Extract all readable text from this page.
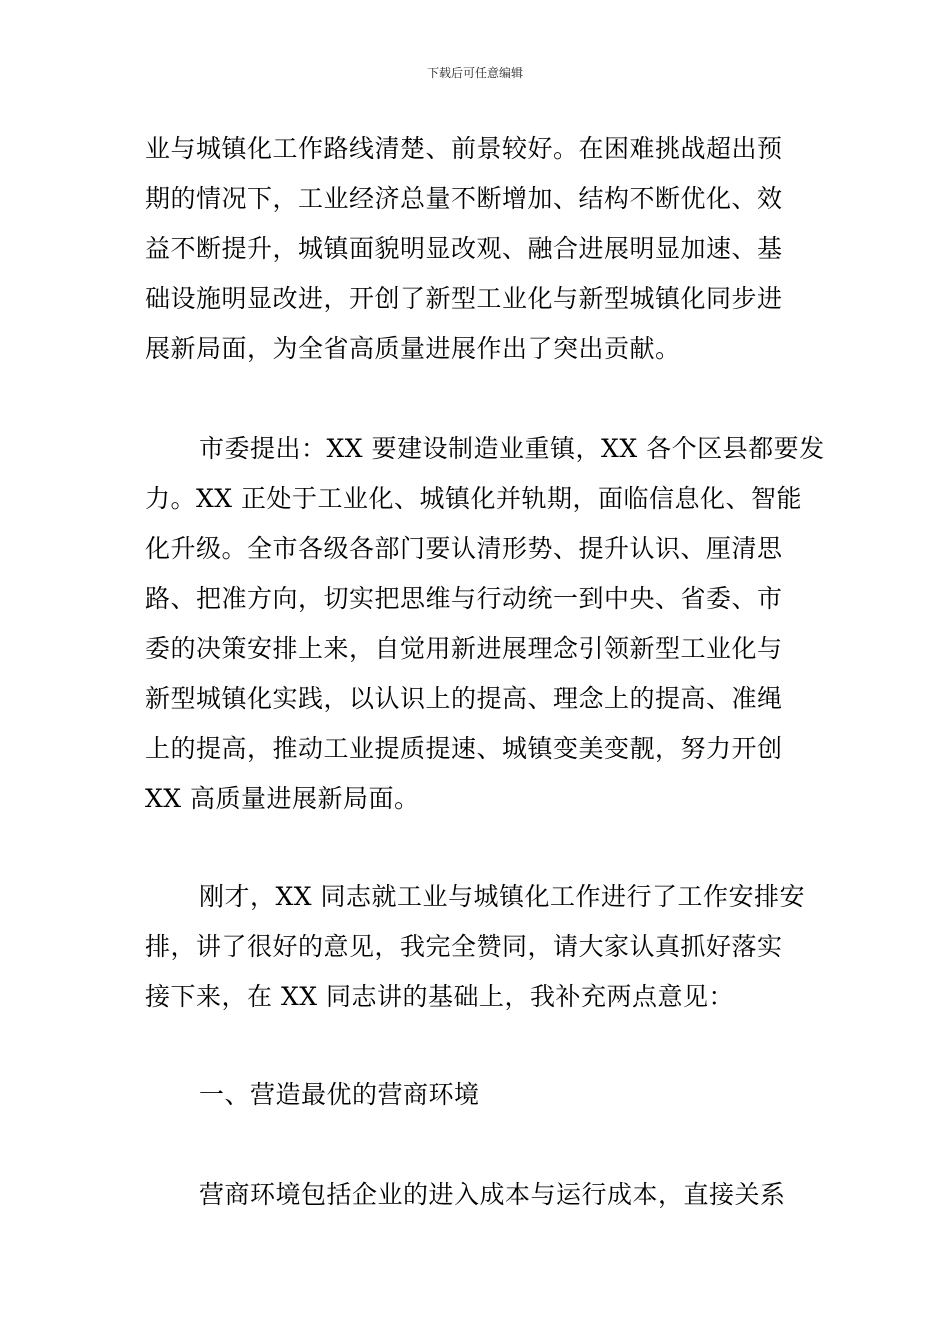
下载后可任意编辑
业与城镇化工作路线清楚、前景较好。在困难挑战超出预
期的情况下，工业经济总量不断增加、结构不断优化、效
益不断提升，城镇面貌明显改观、融合进展明显加速、基
础设施明显改进，开创了新型工业化与新型城镇化同步进
展新局面，为全省高质量进展作出了突出贡献。
市委提出：XX 要建设制造业重镇，XX 各个区县都要发
力。XX 正处于工业化、城镇化并轨期，面临信息化、智能
化升级。全市各级各部门要认清形势、提升认识、厘清思
路、把准方向，切实把思维与行动统一到中央、省委、市
委的决策安排上来，自觉用新进展理念引领新型工业化与
新型城镇化实践，以认识上的提高、理念上的提高、准绳
上的提高，推动工业提质提速、城镇变美变靓，努力开创
XX 高质量进展新局面。
刚才，XX 同志就工业与城镇化工作进行了工作安排安
排，讲了很好的意见，我完全赞同，请大家认真抓好落实
接下来，在 XX 同志讲的基础上，我补充两点意见：
一、营造最优的营商环境
营商环境包括企业的进入成本与运行成本，直接关系
